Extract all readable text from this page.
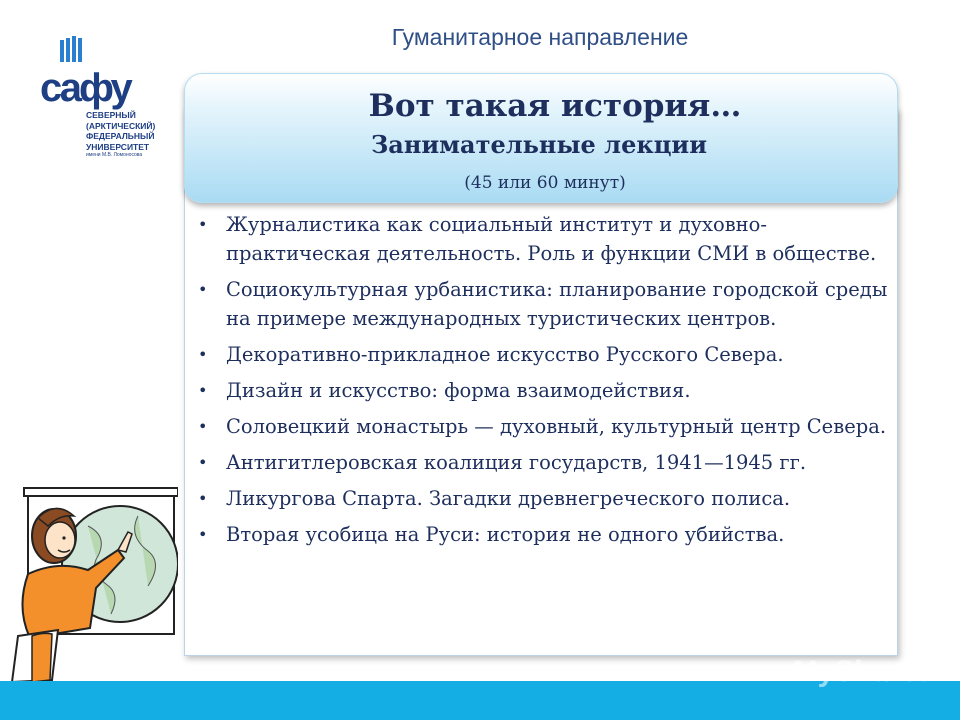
Гуманитарное направление
сафу
СЕВЕРНЫЙ
(АРКТИЧЕСКИЙ)
ФЕДЕРАЛЬНЫЙ
УНИВЕРСИТЕТ
имени М.В. Ломоносова
Вот такая история…
Занимательные лекции
(45 или 60 минут)
• Журналистика как социальный институт и духовно-практическая деятельность. Роль и функции СМИ в обществе.
• Социокультурная урбанистика: планирование городской среды на примере международных туристических центров.
• Декоративно-прикладное искусство Русского Севера.
• Дизайн и искусство: форма взаимодействия.
• Соловецкий монастырь — духовный, культурный центр Севера.
• Антигитлеровская коалиция государств, 1941—1945 гг.
• Ликургова Спарта. Загадки древнегреческого полиса.
• Вторая усобица на Руси: история не одного убийства.
MyShared
